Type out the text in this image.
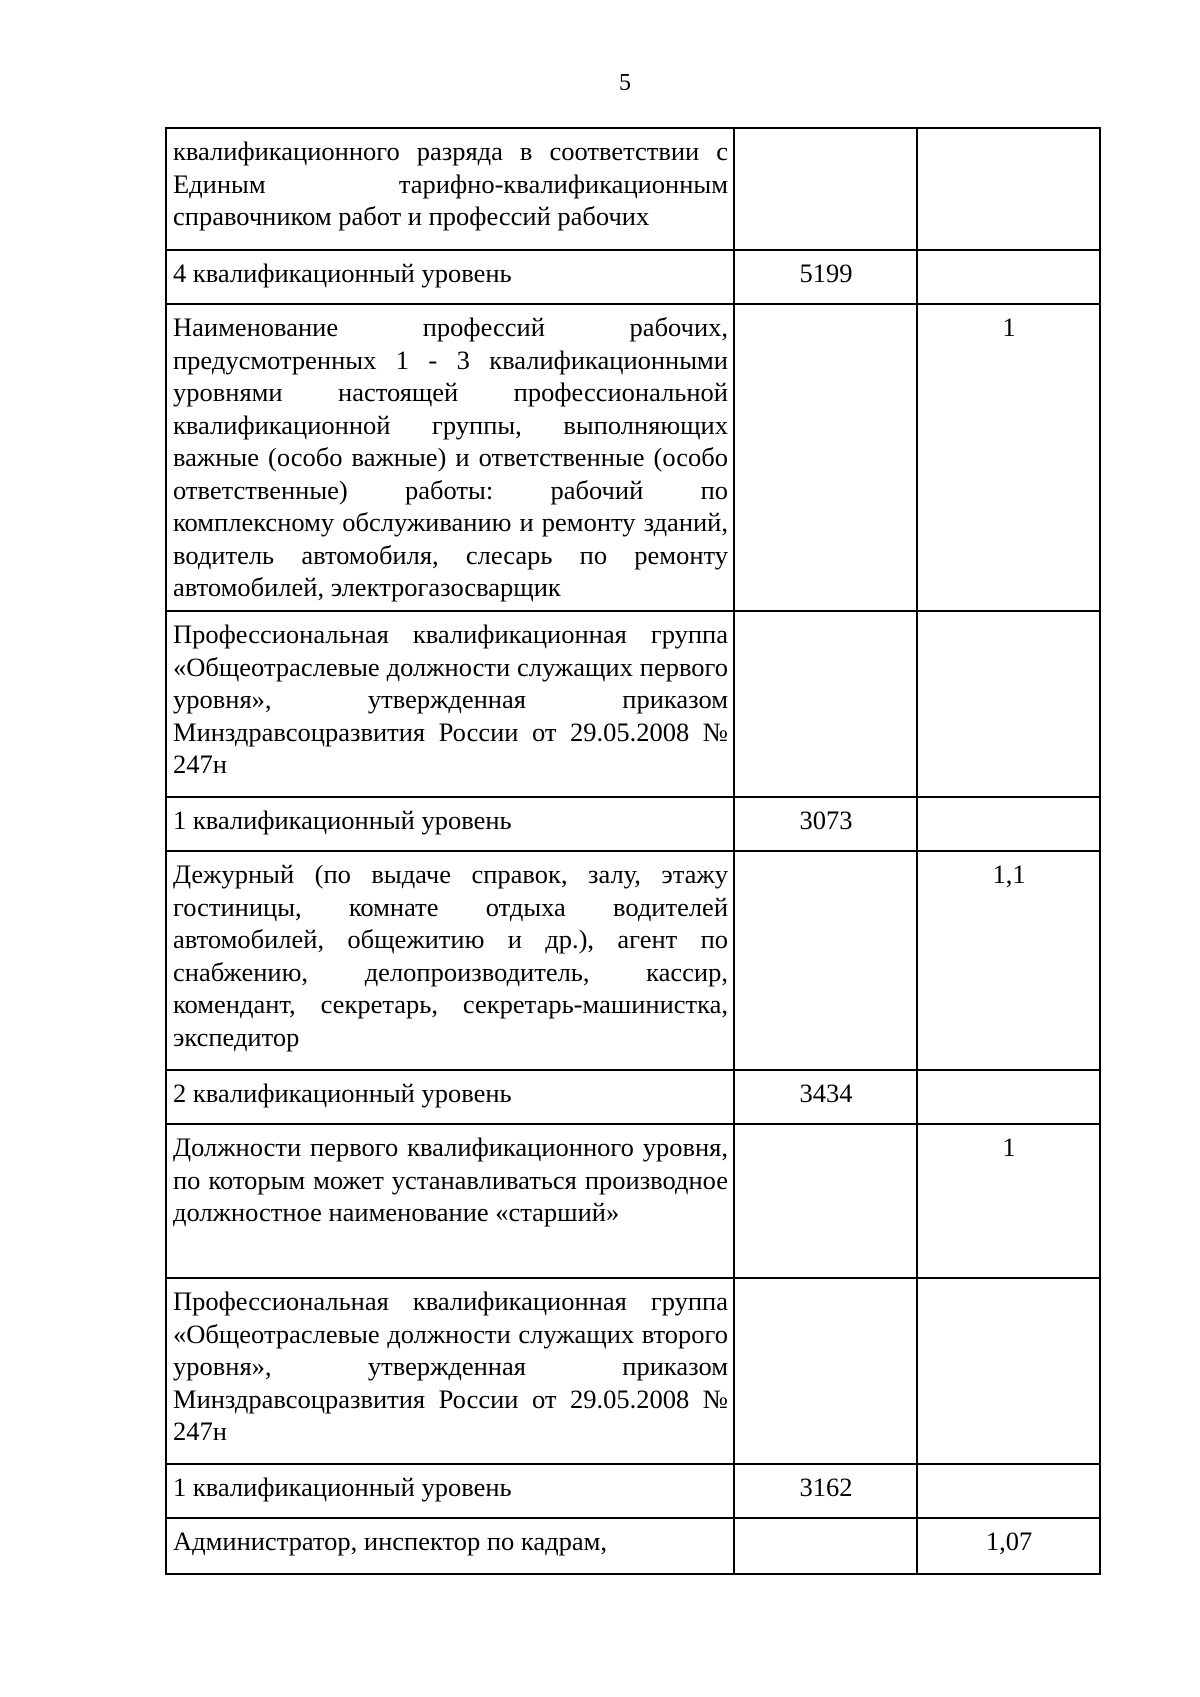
5
квалификационного разряда в соответствии с Единым тарифно-квалификационным справочником работ и профессий рабочих		

4 квалификационный уровень	5199	

Наименование профессий рабочих, предусмотренных 1 - 3 квалификационными уровнями настоящей профессиональной квалификационной группы, выполняющих важные (особо важные) и ответственные (особо ответственные) работы: рабочий по комплексному обслуживанию и ремонту зданий, водитель автомобиля, слесарь по ремонту автомобилей, электрогазосварщик		1

Профессиональная квалификационная группа «Общеотраслевые должности служащих первого уровня», утвержденная приказом Минздравсоцразвития России от 29.05.2008 № 247н		

1 квалификационный уровень	3073	

Дежурный (по выдаче справок, залу, этажу гостиницы, комнате отдыха водителей автомобилей, общежитию и др.), агент по снабжению, делопроизводитель, кассир, комендант, секретарь, секретарь-машинистка, экспедитор		1,1

2 квалификационный уровень	3434	

Должности первого квалификационного уровня, по которым может устанавливаться производное должностное наименование «старший»		1

Профессиональная квалификационная группа «Общеотраслевые должности служащих второго уровня», утвержденная приказом Минздравсоцразвития России от 29.05.2008 № 247н		

1 квалификационный уровень	3162	

Администратор, инспектор по кадрам,		1,07
